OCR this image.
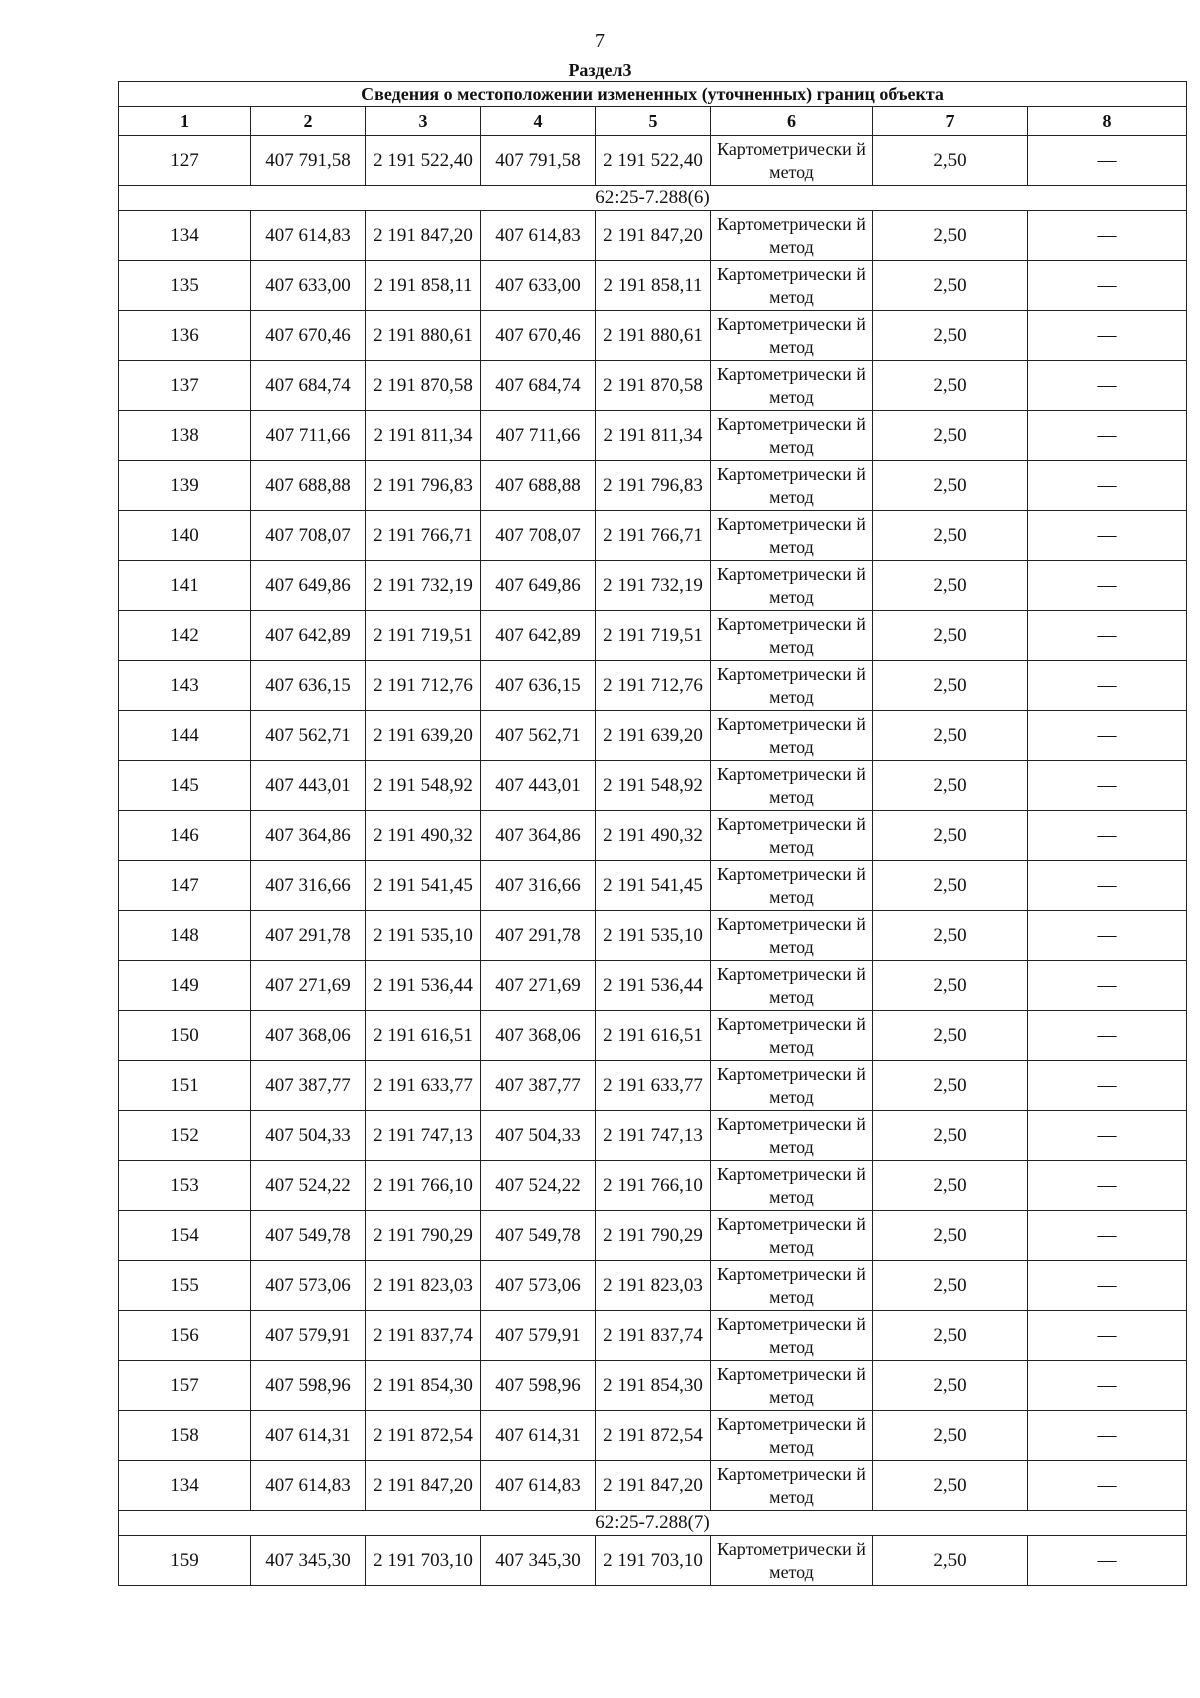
7
Раздел3
Сведения о местоположении измененных (уточненных) границ объекта							
1	2	3	4	5	6	7	8
127	407 791,58	2 191 522,40	407 791,58	2 191 522,40	Картометрически й метод	2,50	—
62:25-7.288(6)							
134	407 614,83	2 191 847,20	407 614,83	2 191 847,20	Картометрически й метод	2,50	—
135	407 633,00	2 191 858,11	407 633,00	2 191 858,11	Картометрически й метод	2,50	—
136	407 670,46	2 191 880,61	407 670,46	2 191 880,61	Картометрически й метод	2,50	—
137	407 684,74	2 191 870,58	407 684,74	2 191 870,58	Картометрически й метод	2,50	—
138	407 711,66	2 191 811,34	407 711,66	2 191 811,34	Картометрически й метод	2,50	—
139	407 688,88	2 191 796,83	407 688,88	2 191 796,83	Картометрически й метод	2,50	—
140	407 708,07	2 191 766,71	407 708,07	2 191 766,71	Картометрически й метод	2,50	—
141	407 649,86	2 191 732,19	407 649,86	2 191 732,19	Картометрически й метод	2,50	—
142	407 642,89	2 191 719,51	407 642,89	2 191 719,51	Картометрически й метод	2,50	—
143	407 636,15	2 191 712,76	407 636,15	2 191 712,76	Картометрически й метод	2,50	—
144	407 562,71	2 191 639,20	407 562,71	2 191 639,20	Картометрически й метод	2,50	—
145	407 443,01	2 191 548,92	407 443,01	2 191 548,92	Картометрически й метод	2,50	—
146	407 364,86	2 191 490,32	407 364,86	2 191 490,32	Картометрически й метод	2,50	—
147	407 316,66	2 191 541,45	407 316,66	2 191 541,45	Картометрически й метод	2,50	—
148	407 291,78	2 191 535,10	407 291,78	2 191 535,10	Картометрически й метод	2,50	—
149	407 271,69	2 191 536,44	407 271,69	2 191 536,44	Картометрически й метод	2,50	—
150	407 368,06	2 191 616,51	407 368,06	2 191 616,51	Картометрически й метод	2,50	—
151	407 387,77	2 191 633,77	407 387,77	2 191 633,77	Картометрически й метод	2,50	—
152	407 504,33	2 191 747,13	407 504,33	2 191 747,13	Картометрически й метод	2,50	—
153	407 524,22	2 191 766,10	407 524,22	2 191 766,10	Картометрически й метод	2,50	—
154	407 549,78	2 191 790,29	407 549,78	2 191 790,29	Картометрически й метод	2,50	—
155	407 573,06	2 191 823,03	407 573,06	2 191 823,03	Картометрически й метод	2,50	—
156	407 579,91	2 191 837,74	407 579,91	2 191 837,74	Картометрически й метод	2,50	—
157	407 598,96	2 191 854,30	407 598,96	2 191 854,30	Картометрически й метод	2,50	—
158	407 614,31	2 191 872,54	407 614,31	2 191 872,54	Картометрически й метод	2,50	—
134	407 614,83	2 191 847,20	407 614,83	2 191 847,20	Картометрически й метод	2,50	—
62:25-7.288(7)							
159	407 345,30	2 191 703,10	407 345,30	2 191 703,10	Картометрически й метод	2,50	—
